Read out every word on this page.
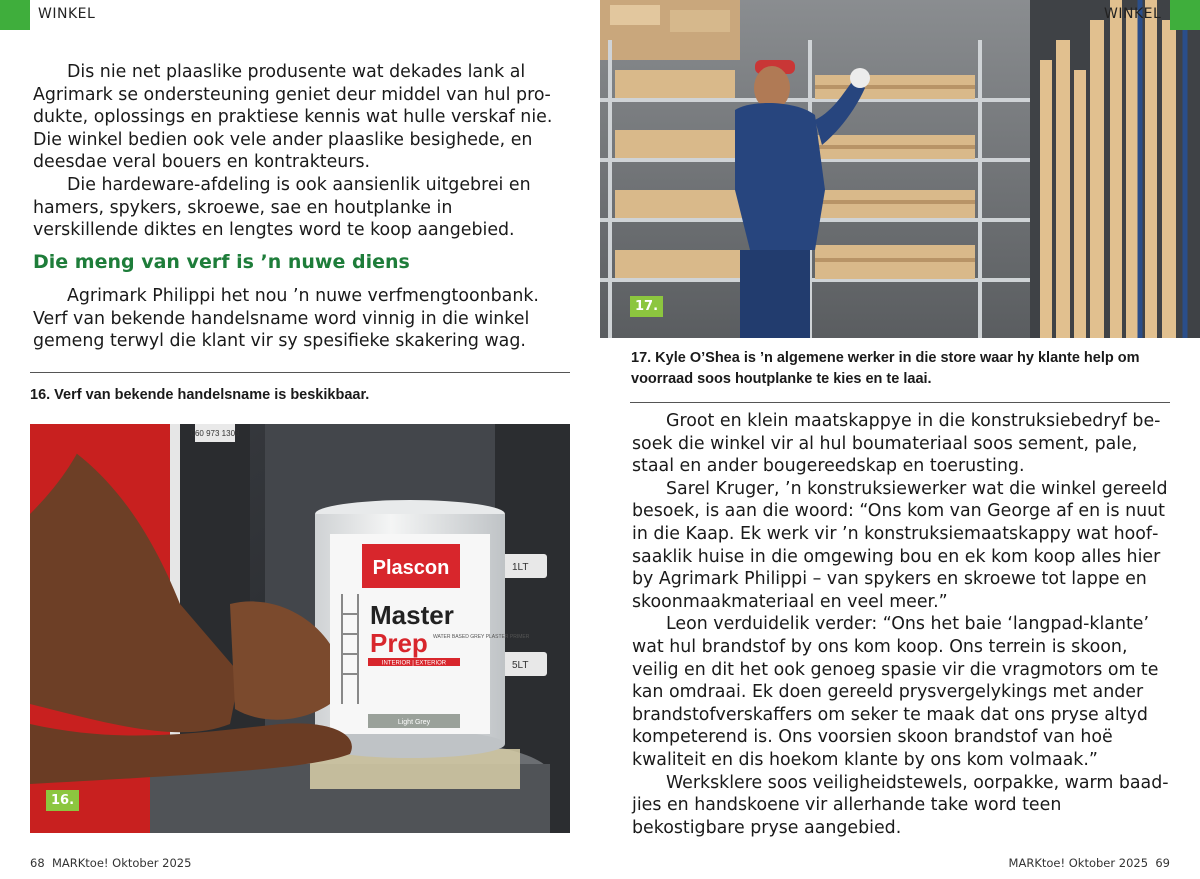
WINKEL

Dis nie net plaaslike produsente wat dekades lank al Agrimark se ondersteuning geniet deur middel van hul produkte, oplossings en praktiese kennis wat hulle verskaf nie. Die winkel bedien ook vele ander plaaslike besighede, en deesdae veral bouers en kontrakteurs.

Die hardeware-afdeling is ook aansienlik uitgebrei en hamers, spykers, skroewe, sae en houtplanke in verskillende diktes en lengtes word te koop aangebied.

Die meng van verf is ’n nuwe diens

Agrimark Philippi het nou ’n nuwe verfmengtoonbank. Verf van bekende handelsname word vinnig in die winkel gemeng terwyl die klant vir sy spesifieke skakering wag.

16. Verf van bekende handelsname is beskikbaar.
060 973 1308
1LT
5LT
Plascon
Master
Prep WATER BASED GREY PLASTER PRIMER
INTERIOR | EXTERIOR
Light Grey
16.
68 MARKtoe! Oktober 2025
17.
WINKEL
17. Kyle O’Shea is ’n algemene werker in die store waar hy klante help om voorraad soos houtplanke te kies en te laai.

Groot en klein maatskappye in die konstruksiebedryf besoek die winkel vir al hul boumateriaal soos sement, pale, staal en ander bougereedskap en toerusting.

Sarel Kruger, ’n konstruksiewerker wat die winkel gereeld besoek, is aan die woord: “Ons kom van George af en is nuut in die Kaap. Ek werk vir ’n konstruksiemaatskappy wat hoofsaaklik huise in die omgewing bou en ek kom koop alles hier by Agrimark Philippi – van spykers en skroewe tot lappe en skoonmaakmateriaal en veel meer.”

Leon verduidelik verder: “Ons het baie ‘langpad-klante’ wat hul brandstof by ons kom koop. Ons terrein is skoon, veilig en dit het ook genoeg spasie vir die vragmotors om te kan omdraai. Ek doen gereeld prysvergelykings met ander brandstofverskaffers om seker te maak dat ons pryse altyd kompeterend is. Ons voorsien skoon brandstof van hoë kwaliteit en dis hoekom klante by ons kom volmaak.”

Werksklere soos veiligheidstewels, oorpakke, warm baadjies en handskoene vir allerhande take word teen bekostigbare pryse aangebied.

MARKtoe! Oktober 2025 69
